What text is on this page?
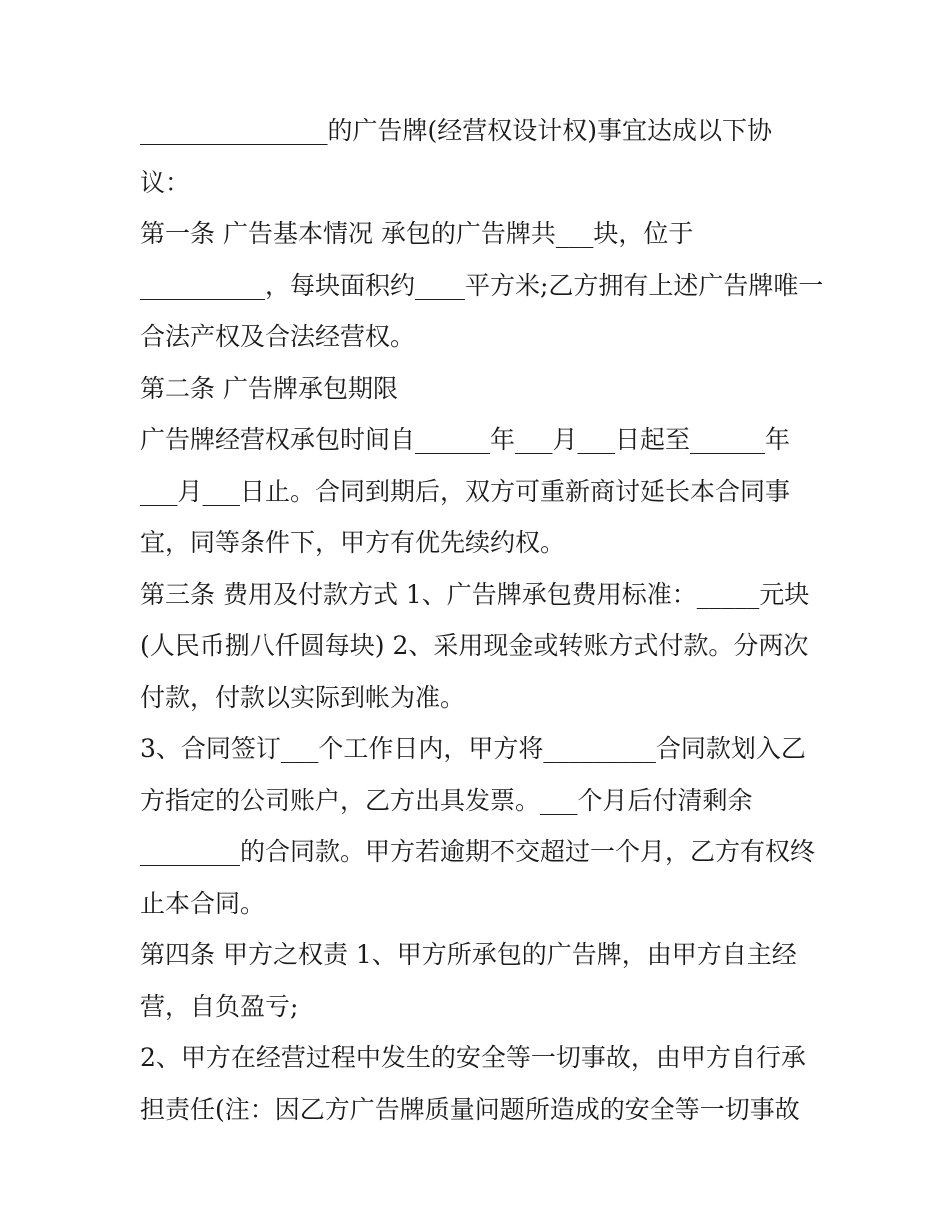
_______________的广告牌(经营权设计权)事宜达成以下协
议：
第一条 广告基本情况 承包的广告牌共___块，位于
__________，每块面积约____平方米;乙方拥有上述广告牌唯一
合法产权及合法经营权。
第二条 广告牌承包期限
广告牌经营权承包时间自______年___月___日起至______年
___月___日止。合同到期后，双方可重新商讨延长本合同事
宜，同等条件下，甲方有优先续约权。
第三条 费用及付款方式 1、广告牌承包费用标准：_____元块
(人民币捌八仟圆每块) 2、采用现金或转账方式付款。分两次
付款，付款以实际到帐为准。
3、合同签订___个工作日内，甲方将_________合同款划入乙
方指定的公司账户，乙方出具发票。___个月后付清剩余
________的合同款。甲方若逾期不交超过一个月，乙方有权终
止本合同。
第四条 甲方之权责 1、甲方所承包的广告牌，由甲方自主经
营，自负盈亏;
2、甲方在经营过程中发生的安全等一切事故，由甲方自行承
担责任(注：因乙方广告牌质量问题所造成的安全等一切事故
